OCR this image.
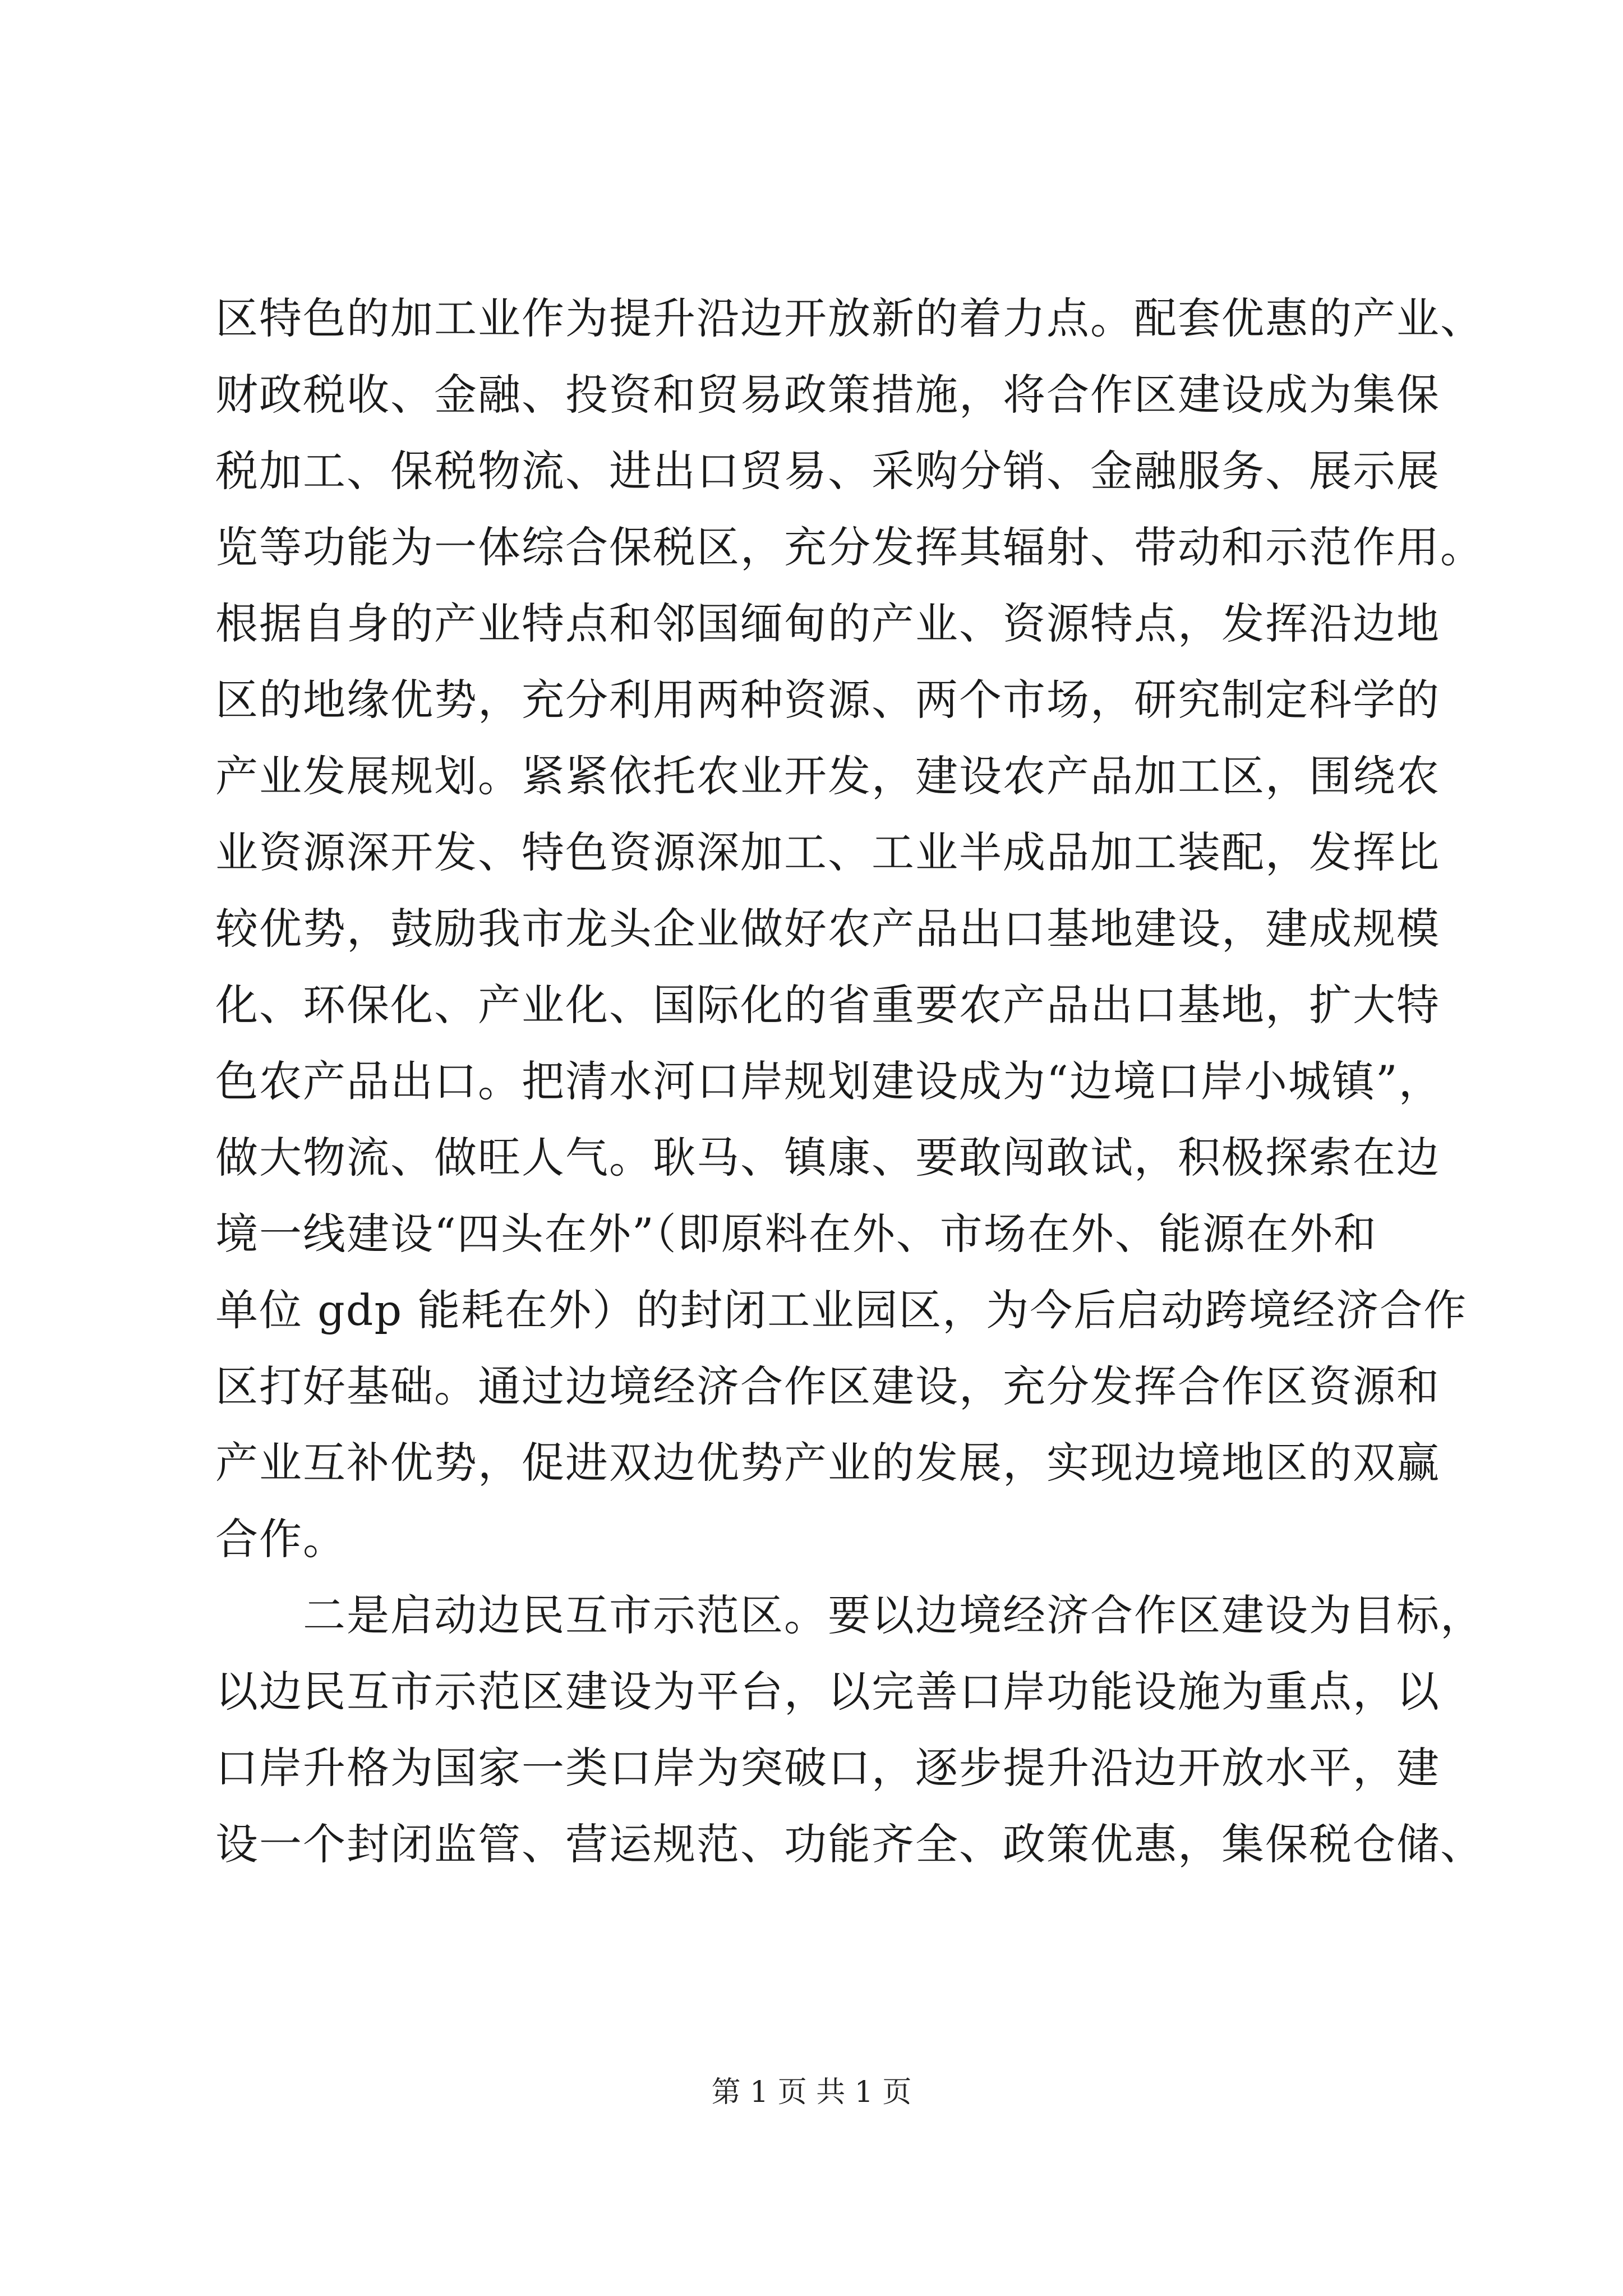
区特色的加工业作为提升沿边开放新的着力点。配套优惠的产业、
财政税收、金融、投资和贸易政策措施，将合作区建设成为集保
税加工、保税物流、进出口贸易、采购分销、金融服务、展示展
览等功能为一体综合保税区，充分发挥其辐射、带动和示范作用。
根据自身的产业特点和邻国缅甸的产业、资源特点，发挥沿边地
区的地缘优势，充分利用两种资源、两个市场，研究制定科学的
产业发展规划。紧紧依托农业开发，建设农产品加工区，围绕农
业资源深开发、特色资源深加工、工业半成品加工装配，发挥比
较优势，鼓励我市龙头企业做好农产品出口基地建设，建成规模
化、环保化、产业化、国际化的省重要农产品出口基地，扩大特
色农产品出口。把清水河口岸规划建设成为“边境口岸小城镇”，
做大物流、做旺人气。耿马、镇康、要敢闯敢试，积极探索在边
境一线建设“四头在外”（即原料在外、市场在外、能源在外和
单位 gdp 能耗在外）的封闭工业园区，为今后启动跨境经济合作
区打好基础。通过边境经济合作区建设，充分发挥合作区资源和
产业互补优势，促进双边优势产业的发展，实现边境地区的双赢
合作。
　　二是启动边民互市示范区。要以边境经济合作区建设为目标，
以边民互市示范区建设为平台，以完善口岸功能设施为重点，以
口岸升格为国家一类口岸为突破口，逐步提升沿边开放水平，建
设一个封闭监管、营运规范、功能齐全、政策优惠，集保税仓储、
第 1 页 共 1 页
